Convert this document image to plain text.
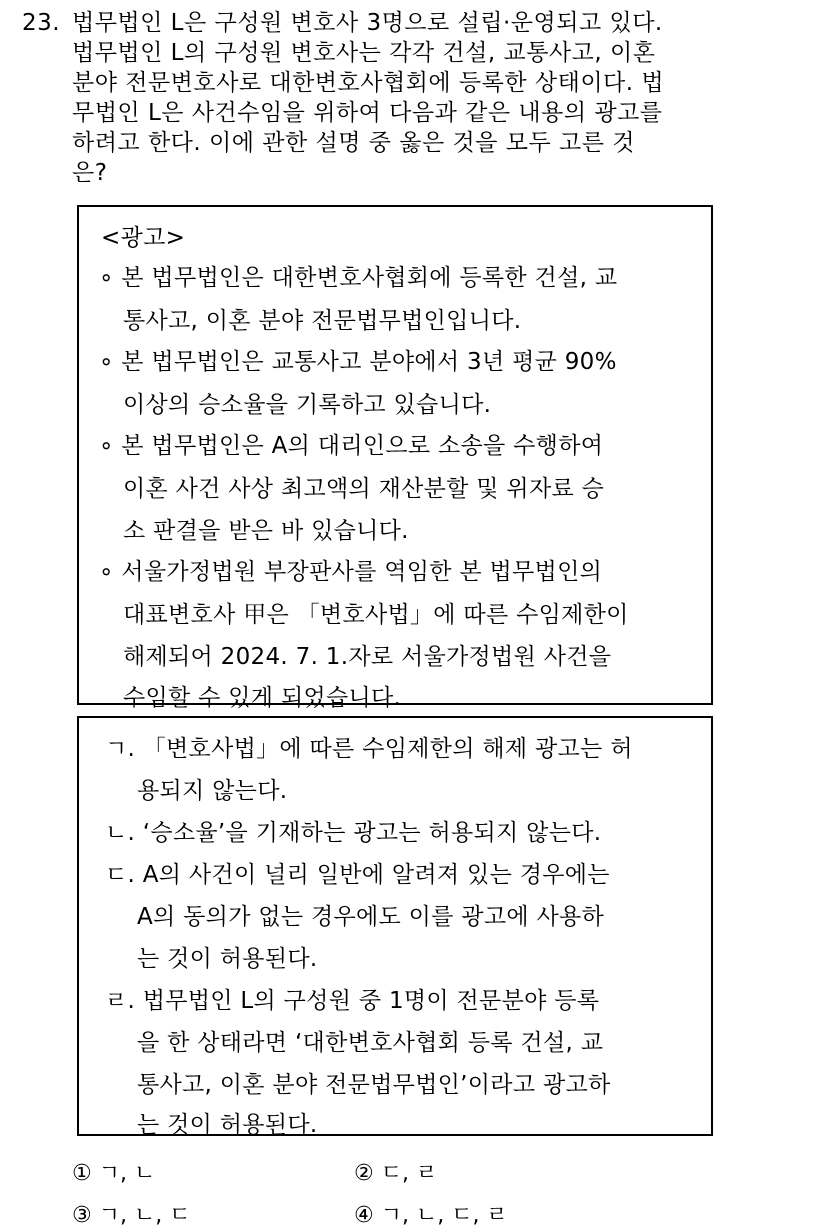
23. 법무법인 L은 구성원 변호사 3명으로 설립·운영되고 있다.
법무법인 L의 구성원 변호사는 각각 건설, 교통사고, 이혼
분야 전문변호사로 대한변호사협회에 등록한 상태이다. 법
무법인 L은 사건수임을 위하여 다음과 같은 내용의 광고를
하려고 한다. 이에 관한 설명 중 옳은 것을 모두 고른 것
은?
<광고>
∘ 본 법무법인은 대한변호사협회에 등록한 건설, 교
통사고, 이혼 분야 전문법무법인입니다.
∘ 본 법무법인은 교통사고 분야에서 3년 평균 90%
이상의 승소율을 기록하고 있습니다.
∘ 본 법무법인은 A의 대리인으로 소송을 수행하여
이혼 사건 사상 최고액의 재산분할 및 위자료 승
소 판결을 받은 바 있습니다.
∘ 서울가정법원 부장판사를 역임한 본 법무법인의
대표변호사 甲은 「변호사법」에 따른 수임제한이
해제되어 2024. 7. 1.자로 서울가정법원 사건을
수임할 수 있게 되었습니다.
ㄱ. 「변호사법」에 따른 수임제한의 해제 광고는 허
용되지 않는다.
ㄴ. ‘승소율’을 기재하는 광고는 허용되지 않는다.
ㄷ. A의 사건이 널리 일반에 알려져 있는 경우에는
A의 동의가 없는 경우에도 이를 광고에 사용하
는 것이 허용된다.
ㄹ. 법무법인 L의 구성원 중 1명이 전문분야 등록
을 한 상태라면 ‘대한변호사협회 등록 건설, 교
통사고, 이혼 분야 전문법무법인’이라고 광고하
는 것이 허용된다.
① ㄱ, ㄴ	② ㄷ, ㄹ
③ ㄱ, ㄴ, ㄷ	④ ㄱ, ㄴ, ㄷ, ㄹ
